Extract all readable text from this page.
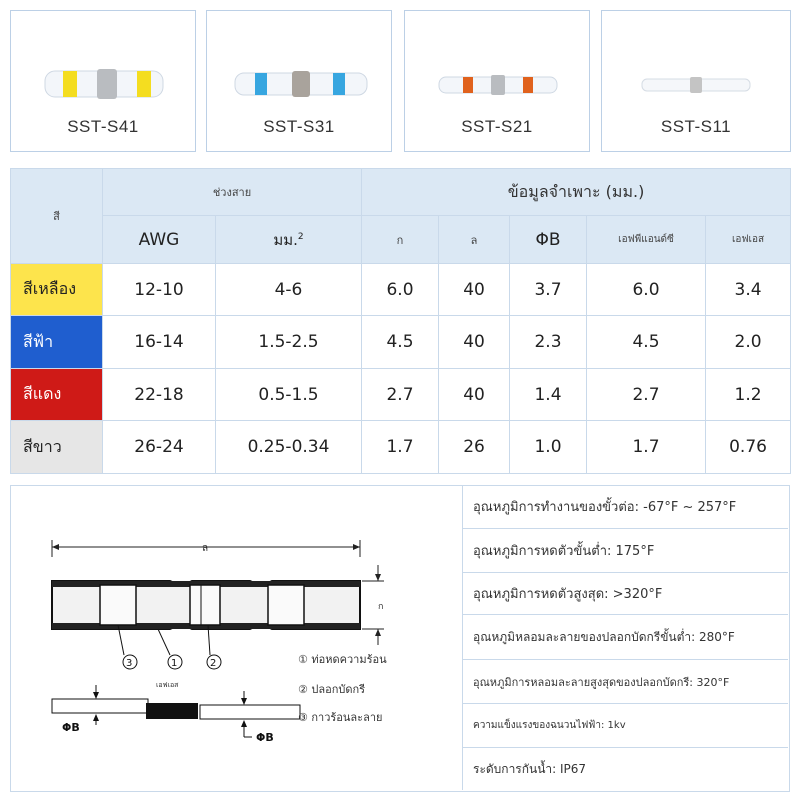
SST-S41	SST-S31	SST-S21	SST-S11
สี	ช่วงสาย		ข้อมูลจำเพาะ (มม.)				
	AWG	มม.$^2$	ก	ล	ΦB	เอฟพีแอนด์ซี	เอฟเอส
สีเหลือง	12-10	4-6	6.0	40	3.7	6.0	3.4
สีฟ้า	16-14	1.5-2.5	4.5	40	2.3	4.5	2.0
สีแดง	22-18	0.5-1.5	2.7	40	1.4	2.7	1.2
สีขาว	26-24	0.25-0.34	1.7	26	1.0	1.7	0.76
ล
ก
3	1	2
เอฟเอส
ΦB
ΦB
① ท่อหดความร้อน
② ปลอกบัดกรี
③ กาวร้อนละลาย
อุณหภูมิการทำงานของขั้วต่อ: -67°F ~ 257°F
อุณหภูมิการหดตัวขั้นต่ำ: 175°F
อุณหภูมิการหดตัวสูงสุด: >320°F
อุณหภูมิหลอมละลายของปลอกบัดกรีขั้นต่ำ: 280°F
อุณหภูมิการหลอมละลายสูงสุดของปลอกบัดกรี: 320°F
ความแข็งแรงของฉนวนไฟฟ้า: 1kv
ระดับการกันน้ำ: IP67
